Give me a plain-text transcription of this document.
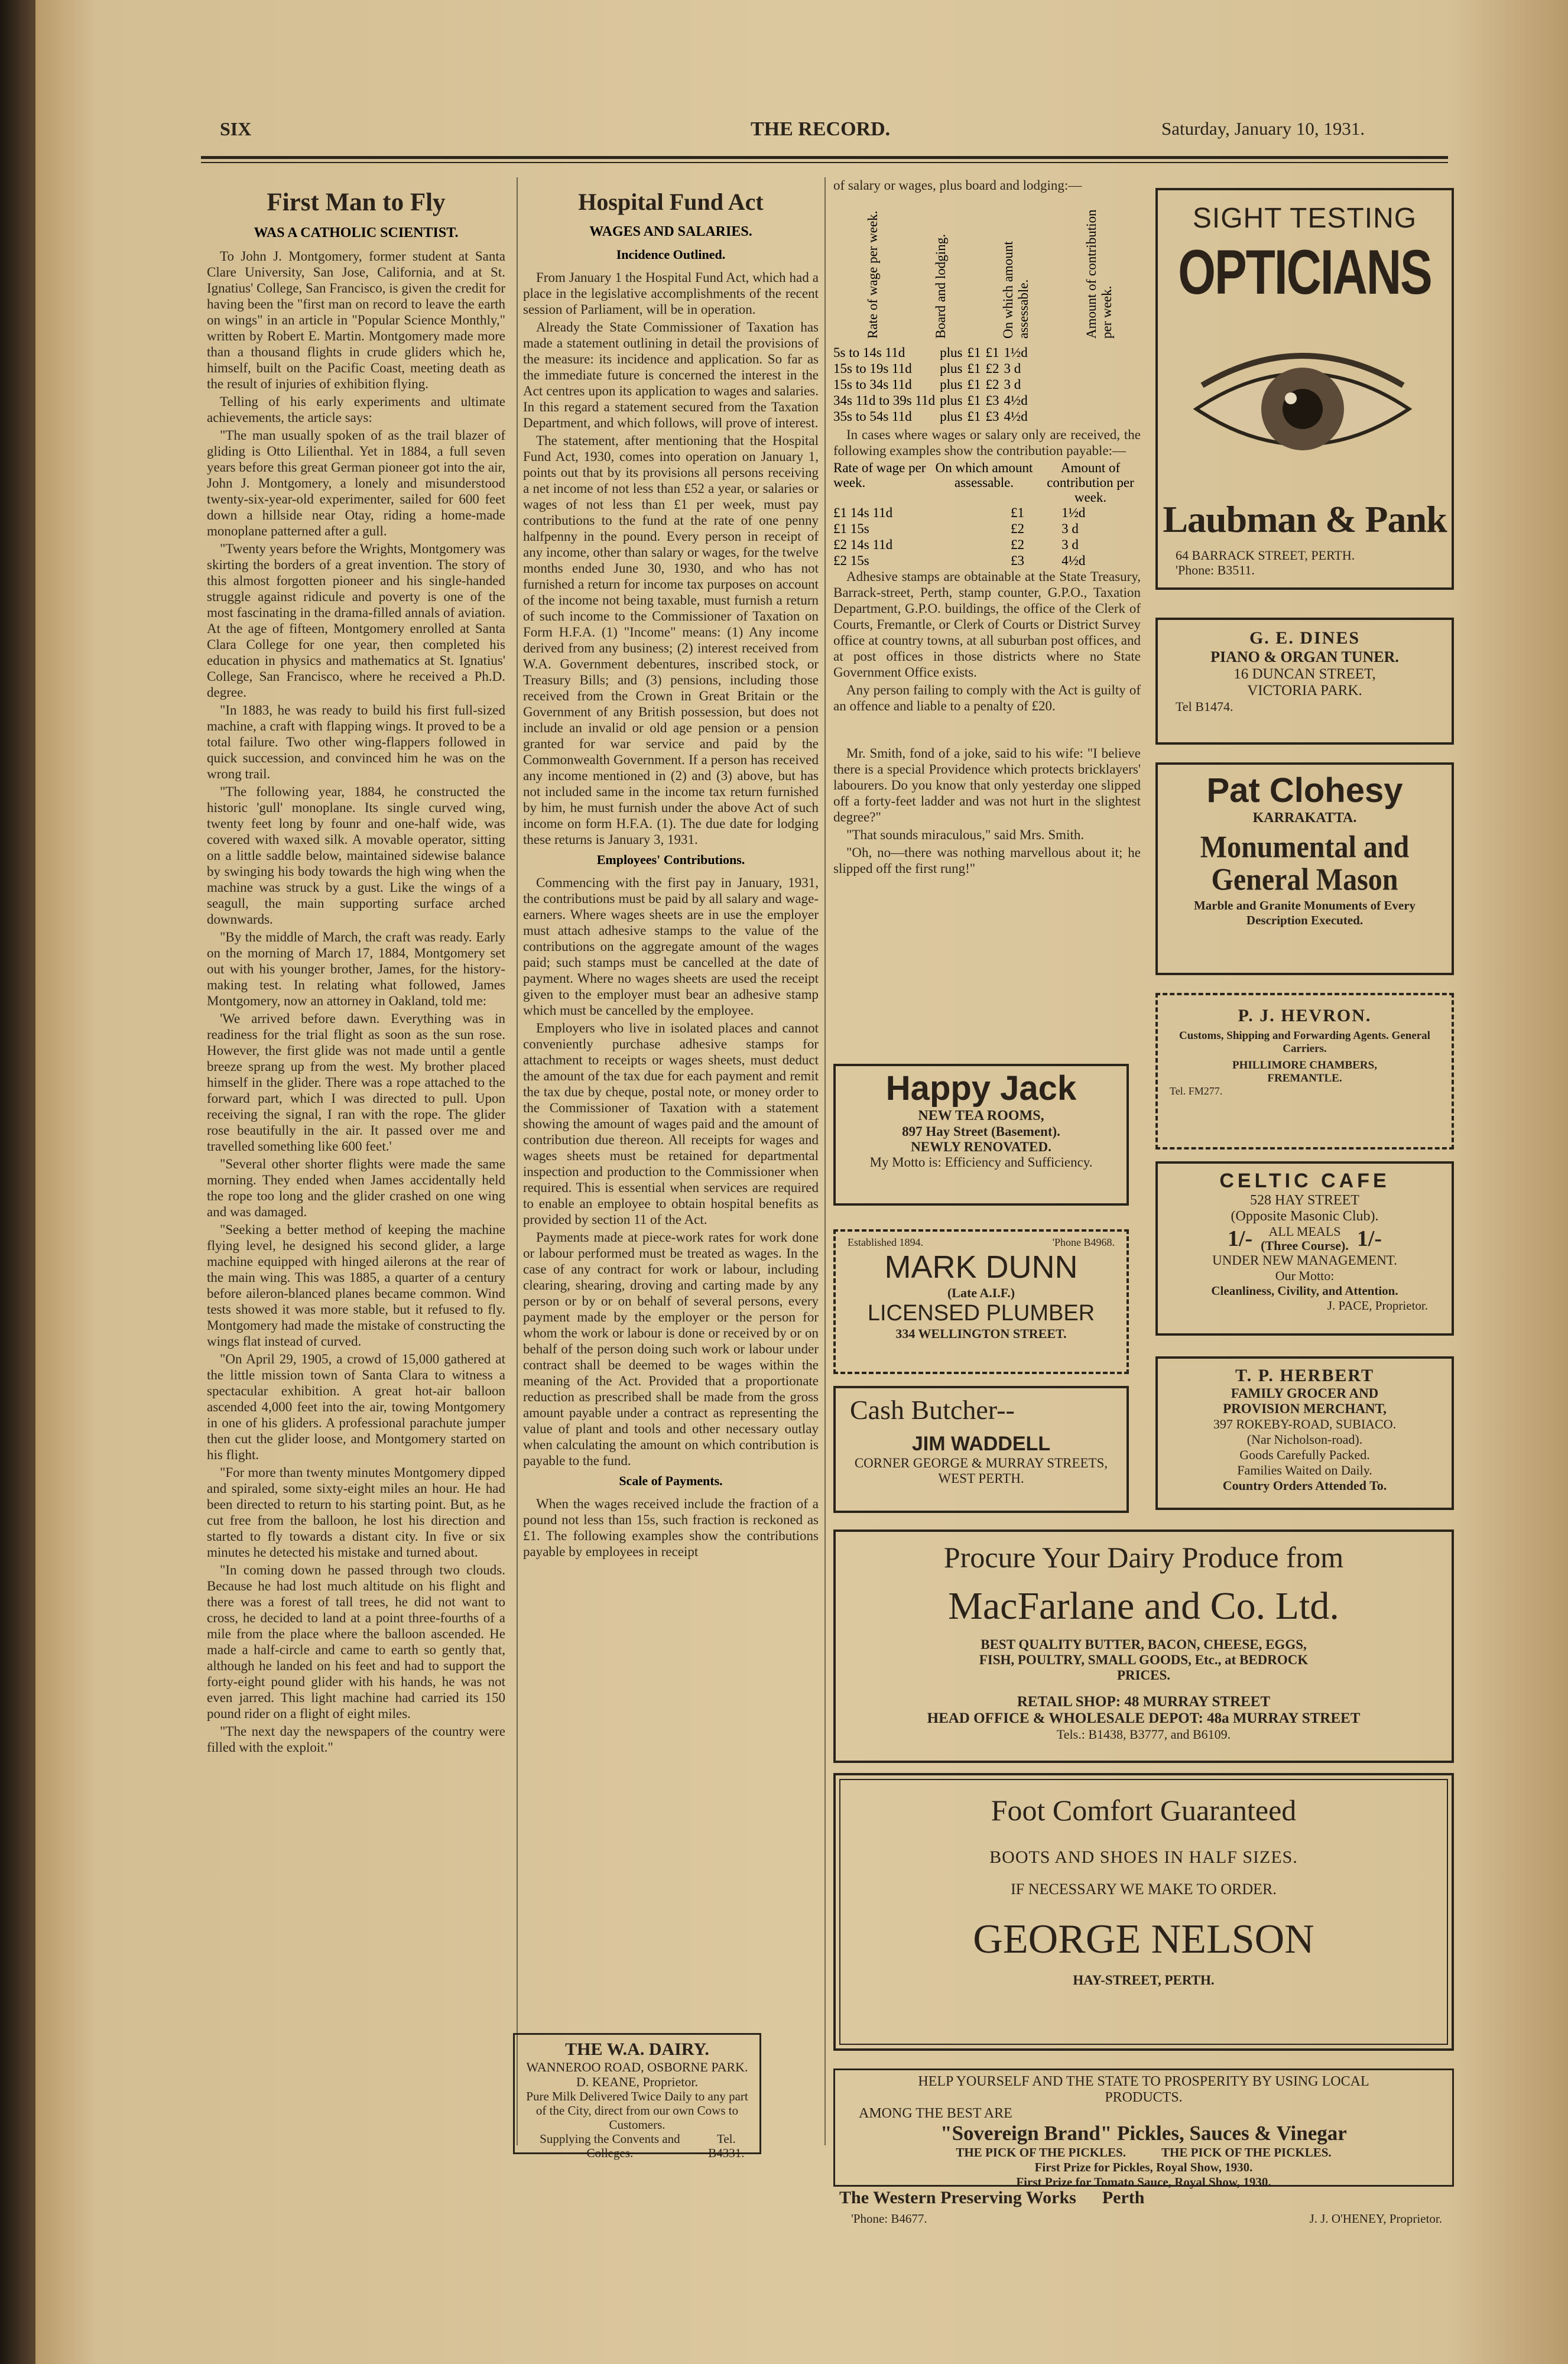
SIX	THE RECORD.	Saturday, January 10, 1931.
First Man to Fly
WAS A CATHOLIC SCIENTIST.

To John J. Montgomery, former student at Santa Clare University, San Jose, California, and at St. Ignatius' College, San Francisco, is given the credit for having been the "first man on record to leave the earth on wings" in an article in "Popular Science Monthly," written by Robert E. Martin. Montgomery made more than a thousand flights in crude gliders which he, himself, built on the Pacific Coast, meeting death as the result of injuries of exhibition flying.

Telling of his early experiments and ultimate achievements, the article says:

"The man usually spoken of as the trail blazer of gliding is Otto Lilienthal. Yet in 1884, a full seven years before this great German pioneer got into the air, John J. Montgomery, a lonely and misunderstood twenty-six-year-old experimenter, sailed for 600 feet down a hillside near Otay, riding a home-made monoplane patterned after a gull.

"Twenty years before the Wrights, Montgomery was skirting the borders of a great invention. The story of this almost forgotten pioneer and his single-handed struggle against ridicule and poverty is one of the most fascinating in the drama-filled annals of aviation. At the age of fifteen, Montgomery enrolled at Santa Clara College for one year, then completed his education in physics and mathematics at St. Ignatius' College, San Francisco, where he received a Ph.D. degree.

"In 1883, he was ready to build his first full-sized machine, a craft with flapping wings. It proved to be a total failure. Two other wing-flappers followed in quick succession, and convinced him he was on the wrong trail.

"The following year, 1884, he constructed the historic 'gull' monoplane. Its single curved wing, twenty feet long by founr and one-half wide, was covered with waxed silk. A movable operator, sitting on a little saddle below, maintained sidewise balance by swinging his body towards the high wing when the machine was struck by a gust. Like the wings of a seagull, the main supporting surface arched downwards.

"By the middle of March, the craft was ready. Early on the morning of March 17, 1884, Montgomery set out with his younger brother, James, for the history-making test. In relating what followed, James Montgomery, now an attorney in Oakland, told me:

'We arrived before dawn. Everything was in readiness for the trial flight as soon as the sun rose. However, the first glide was not made until a gentle breeze sprang up from the west. My brother placed himself in the glider. There was a rope attached to the forward part, which I was directed to pull. Upon receiving the signal, I ran with the rope. The glider rose beautifully in the air. It passed over me and travelled something like 600 feet.'

"Several other shorter flights were made the same morning. They ended when James accidentally held the rope too long and the glider crashed on one wing and was damaged.

"Seeking a better method of keeping the machine flying level, he designed his second glider, a large machine equipped with hinged ailerons at the rear of the main wing. This was 1885, a quarter of a century before aileron-blanced planes became common. Wind tests showed it was more stable, but it refused to fly. Montgomery had made the mistake of constructing the wings flat instead of curved.

"On April 29, 1905, a crowd of 15,000 gathered at the little mission town of Santa Clara to witness a spectacular exhibition. A great hot-air balloon ascended 4,000 feet into the air, towing Montgomery in one of his gliders. A professional parachute jumper then cut the glider loose, and Montgomery started on his flight.

"For more than twenty minutes Montgomery dipped and spiraled, some sixty-eight miles an hour. He had been directed to return to his starting point. But, as he cut free from the balloon, he lost his direction and started to fly towards a distant city. In five or six minutes he detected his mistake and turned about.

"In coming down he passed through two clouds. Because he had lost much altitude on his flight and there was a forest of tall trees, he did not want to cross, he decided to land at a point three-fourths of a mile from the place where the balloon ascended. He made a half-circle and came to earth so gently that, although he landed on his feet and had to support the forty-eight pound glider with his hands, he was not even jarred. This light machine had carried its 150 pound rider on a flight of eight miles.

"The next day the newspapers of the country were filled with the exploit."

Hospital Fund Act
WAGES AND SALARIES.
Incidence Outlined.

From January 1 the Hospital Fund Act, which had a place in the legislative accomplishments of the recent session of Parliament, will be in operation.

Already the State Commissioner of Taxation has made a statement outlining in detail the provisions of the measure: its incidence and application. So far as the immediate future is concerned the interest in the Act centres upon its application to wages and salaries. In this regard a statement secured from the Taxation Department, and which follows, will prove of interest.

The statement, after mentioning that the Hospital Fund Act, 1930, comes into operation on January 1, points out that by its provisions all persons receiving a net income of not less than £52 a year, or salaries or wages of not less than £1 per week, must pay contributions to the fund at the rate of one penny halfpenny in the pound. Every person in receipt of any income, other than salary or wages, for the twelve months ended June 30, 1930, and who has not furnished a return for income tax purposes on account of the income not being taxable, must furnish a return of such income to the Commissioner of Taxation on Form H.F.A. (1) "Income" means: (1) Any income derived from any business; (2) interest received from W.A. Government debentures, inscribed stock, or Treasury Bills; and (3) pensions, including those received from the Crown in Great Britain or the Government of any British possession, but does not include an invalid or old age pension or a pension granted for war service and paid by the Commonwealth Government. If a person has received any income mentioned in (2) and (3) above, but has not included same in the income tax return furnished by him, he must furnish under the above Act of such income on form H.F.A. (1). The due date for lodging these returns is January 3, 1931.

Employees' Contributions.

Commencing with the first pay in January, 1931, the contributions must be paid by all salary and wage-earners. Where wages sheets are in use the employer must attach adhesive stamps to the value of the contributions on the aggregate amount of the wages paid; such stamps must be cancelled at the date of payment. Where no wages sheets are used the receipt given to the employer must bear an adhesive stamp which must be cancelled by the employee.

Employers who live in isolated places and cannot conveniently purchase adhesive stamps for attachment to receipts or wages sheets, must deduct the amount of the tax due for each payment and remit the tax due by cheque, postal note, or money order to the Commissioner of Taxation with a statement showing the amount of wages paid and the amount of contribution due thereon. All receipts for wages and wages sheets must be retained for departmental inspection and production to the Commissioner when required. This is essential when services are required to enable an employee to obtain hospital benefits as provided by section 11 of the Act.

Payments made at piece-work rates for work done or labour performed must be treated as wages. In the case of any contract for work or labour, including clearing, shearing, droving and carting made by any person or by or on behalf of several persons, every payment made by the employer or the person for whom the work or labour is done or received by or on behalf of the person doing such work or labour under contract shall be deemed to be wages within the meaning of the Act. Provided that a proportionate reduction as prescribed shall be made from the gross amount payable under a contract as representing the value of plant and tools and other necessary outlay when calculating the amount on which contribution is payable to the fund.

Scale of Payments.

When the wages received include the fraction of a pound not less than 15s, such fraction is reckoned as £1. The following examples show the contributions payable by employees in receipt

THE W.A. DAIRY.
WANNEROO ROAD, OSBORNE PARK. D. KEANE, Proprietor.
Pure Milk Delivered Twice Daily to any part of the City, direct from our own Cows to Customers.
Supplying the Convents and Colleges.
Tel. B4331.

of salary or wages, plus board and lodging:—

Rate of wage per week.	Board and lodging.	On which amount assessable.	Amount of contribution per week.
5s to 14s 11d	plus	£1	£1	1½d
15s to 19s 11d	plus	£1	£2	3 d
15s to 34s 11d	plus	£1	£2	3 d
34s 11d to 39s 11d	plus	£1	£3	4½d
35s to 54s 11d	plus	£1	£3	4½d

In cases where wages or salary only are received, the following examples show the contribution payable:—

Rate of wage per week.
On which amount assessable.
Amount of contribution per week.
£1 14s 11d	£1	1½d
£1 15s	£2	3 d
£2 14s 11d	£2	3 d
£2 15s	£3	4½d

Adhesive stamps are obtainable at the State Treasury, Barrack-street, Perth, stamp counter, G.P.O., Taxation Department, G.P.O. buildings, the office of the Clerk of Courts, Fremantle, or Clerk of Courts or District Survey office at country towns, at all suburban post offices, and at post offices in those districts where no State Government Office exists.

Any person failing to comply with the Act is guilty of an offence and liable to a penalty of £20.

Mr. Smith, fond of a joke, said to his wife: "I believe there is a special Providence which protects bricklayers' labourers. Do you know that only yesterday one slipped off a forty-feet ladder and was not hurt in the slightest degree?"

"That sounds miraculous," said Mrs. Smith.

"Oh, no—there was nothing marvellous about it; he slipped off the first rung!"

Happy Jack
NEW TEA ROOMS,
897 Hay Street (Basement).
NEWLY RENOVATED.
My Motto is: Efficiency and Sufficiency.
Established 1894.	'Phone B4968.
MARK DUNN
(Late A.I.F.)
LICENSED PLUMBER
334 WELLINGTON STREET.
Cash Butcher--
JIM WADDELL
CORNER GEORGE & MURRAY STREETS, WEST PERTH.
SIGHT TESTING
OPTICIANS
Laubman & Pank
64 BARRACK STREET, PERTH.
'Phone: B3511.
G. E. DINES
PIANO & ORGAN TUNER.
16 DUNCAN STREET,
VICTORIA PARK.
Tel B1474.
Pat Clohesy
KARRAKATTA.
Monumental and
General Mason
Marble and Granite Monuments of Every Description Executed.
P. J. HEVRON.
Customs, Shipping and Forwarding Agents. General Carriers.
PHILLIMORE CHAMBERS, FREMANTLE.
Tel. FM277.
CELTIC CAFE
528 HAY STREET
(Opposite Masonic Club).
1/-	ALL MEALS
(Three Course). 1/-
UNDER NEW MANAGEMENT.
Our Motto:
Cleanliness, Civility, and Attention.
J. PACE, Proprietor.
T. P. HERBERT
FAMILY GROCER AND
PROVISION MERCHANT,
397 ROKEBY-ROAD, SUBIACO.
(Nar Nicholson-road).
Goods Carefully Packed.
Families Waited on Daily.
Country Orders Attended To.
Procure Your Dairy Produce from
MacFarlane and Co. Ltd.
BEST QUALITY BUTTER, BACON, CHEESE, EGGS, FISH, POULTRY, SMALL GOODS, Etc., at BEDROCK PRICES.
RETAIL SHOP: 48 MURRAY STREET
HEAD OFFICE & WHOLESALE DEPOT: 48a MURRAY STREET
Tels.: B1438, B3777, and B6109.
Foot Comfort Guaranteed
BOOTS AND SHOES IN HALF SIZES.
IF NECESSARY WE MAKE TO ORDER.
GEORGE NELSON
HAY-STREET, PERTH.
HELP YOURSELF AND THE STATE TO PROSPERITY BY USING LOCAL PRODUCTS.
AMONG THE BEST ARE
"Sovereign Brand" Pickles, Sauces & Vinegar
THE PICK OF THE PICKLES.	THE PICK OF THE PICKLES.
First Prize for Pickles, Royal Show, 1930.
First Prize for Tomato Sauce, Royal Show, 1930.
The Western Preserving Works Perth
'Phone: B4677.	J. J. O'HENEY, Proprietor.
